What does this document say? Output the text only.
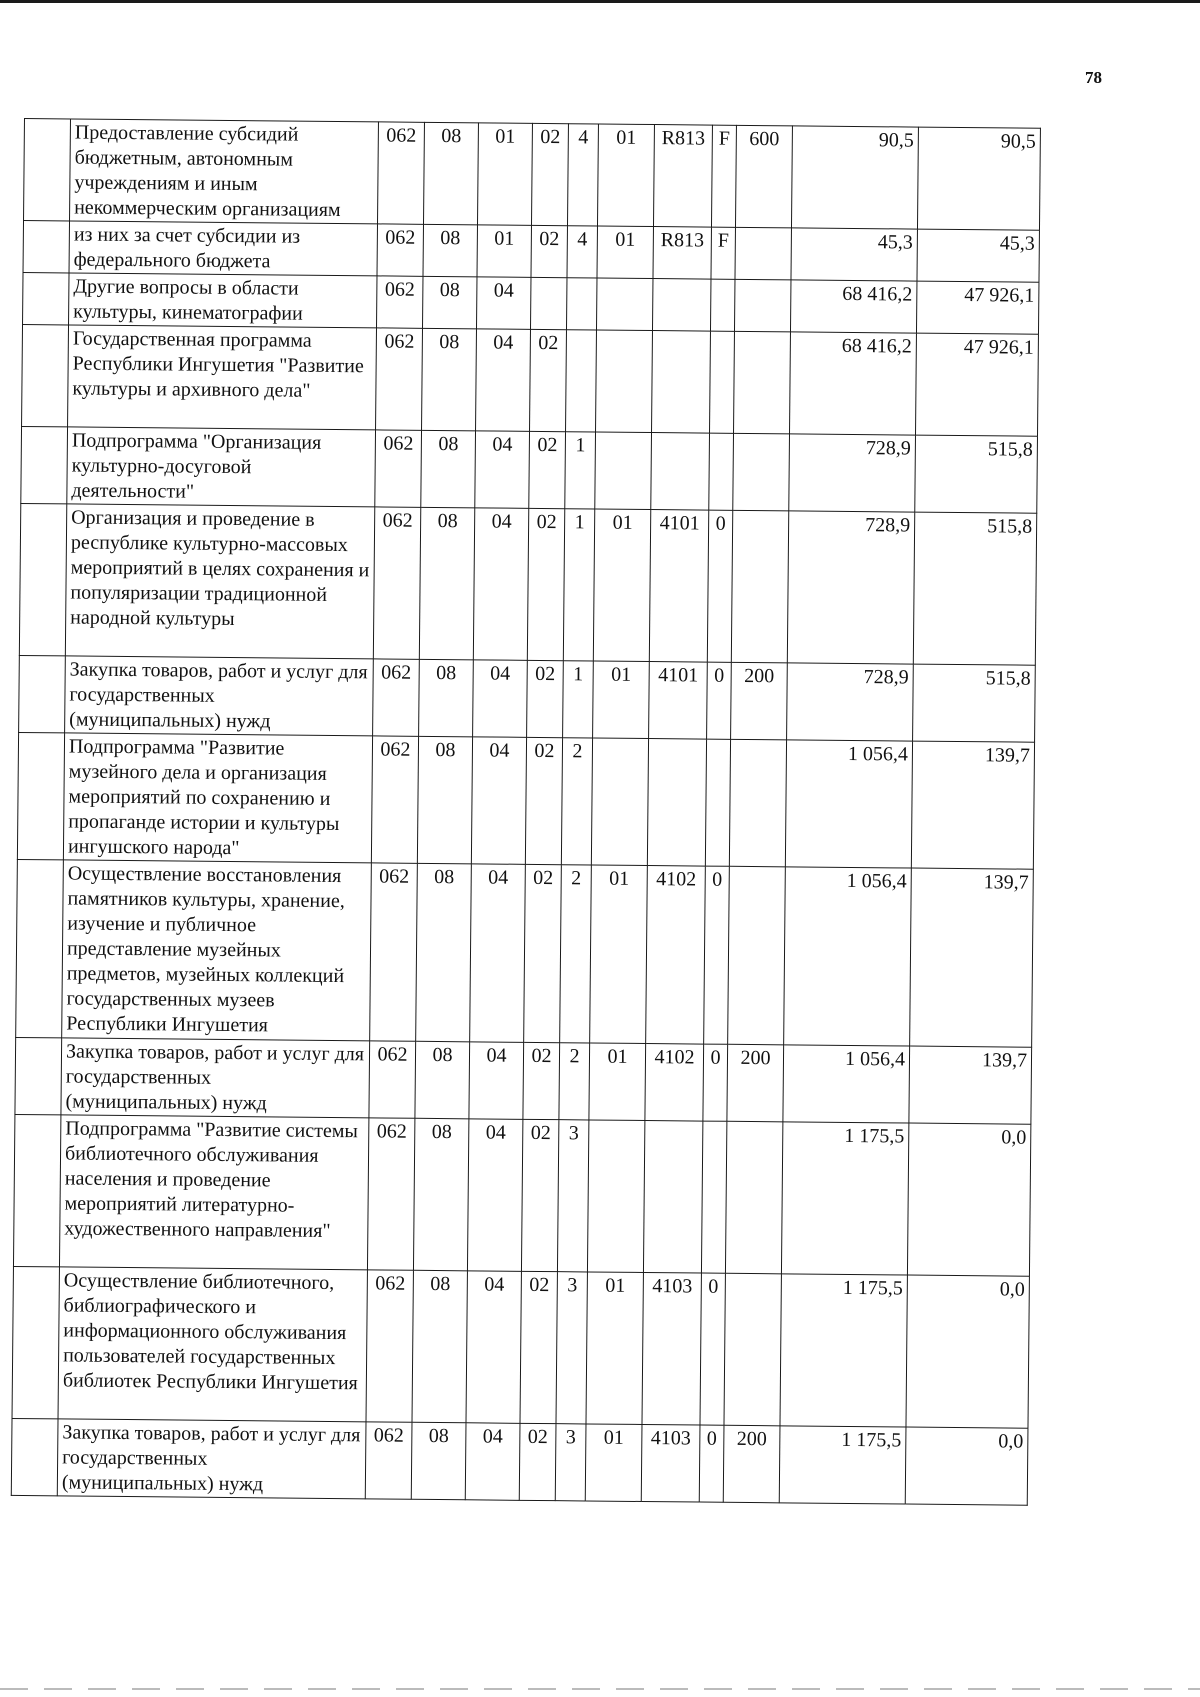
78
	Предоставление субсидий бюджетным, автономным учреждениям и иным некоммерческим организациям	062	08	01	02	4	01	R813	F	600	90,5	90,5
	из них за счет субсидии из федерального бюджета	062	08	01	02	4	01	R813	F		45,3	45,3
	Другие вопросы в области культуры, кинематографии	062	08	04							68 416,2	47 926,1
	Государственная программа Республики Ингушетия "Развитие культуры и архивного дела"	062	08	04	02						68 416,2	47 926,1
	Подпрограмма "Организация культурно-досуговой деятельности"	062	08	04	02	1					728,9	515,8
	Организация и проведение в республике культурно-массовых мероприятий в целях сохранения и популяризации традиционной народной культуры	062	08	04	02	1	01	4101	0		728,9	515,8
	Закупка товаров, работ и услуг для государственных (муниципальных) нужд	062	08	04	02	1	01	4101	0	200	728,9	515,8
	Подпрограмма "Развитие музейного дела и организация мероприятий по сохранению и пропаганде истории и культуры ингушского народа"	062	08	04	02	2					1 056,4	139,7
	Осуществление восстановления памятников культуры, хранение, изучение и публичное представление музейных предметов, музейных коллекций государственных музеев Республики Ингушетия	062	08	04	02	2	01	4102	0		1 056,4	139,7
	Закупка товаров, работ и услуг для государственных (муниципальных) нужд	062	08	04	02	2	01	4102	0	200	1 056,4	139,7
	Подпрограмма "Развитие системы библиотечного обслуживания населения и проведение мероприятий литературно-художественного направления"	062	08	04	02	3					1 175,5	0,0
	Осуществление библиотечного, библиографического и информационного обслуживания пользователей государственных библиотек Республики Ингушетия	062	08	04	02	3	01	4103	0		1 175,5	0,0
	Закупка товаров, работ и услуг для государственных (муниципальных) нужд	062	08	04	02	3	01	4103	0	200	1 175,5	0,0
